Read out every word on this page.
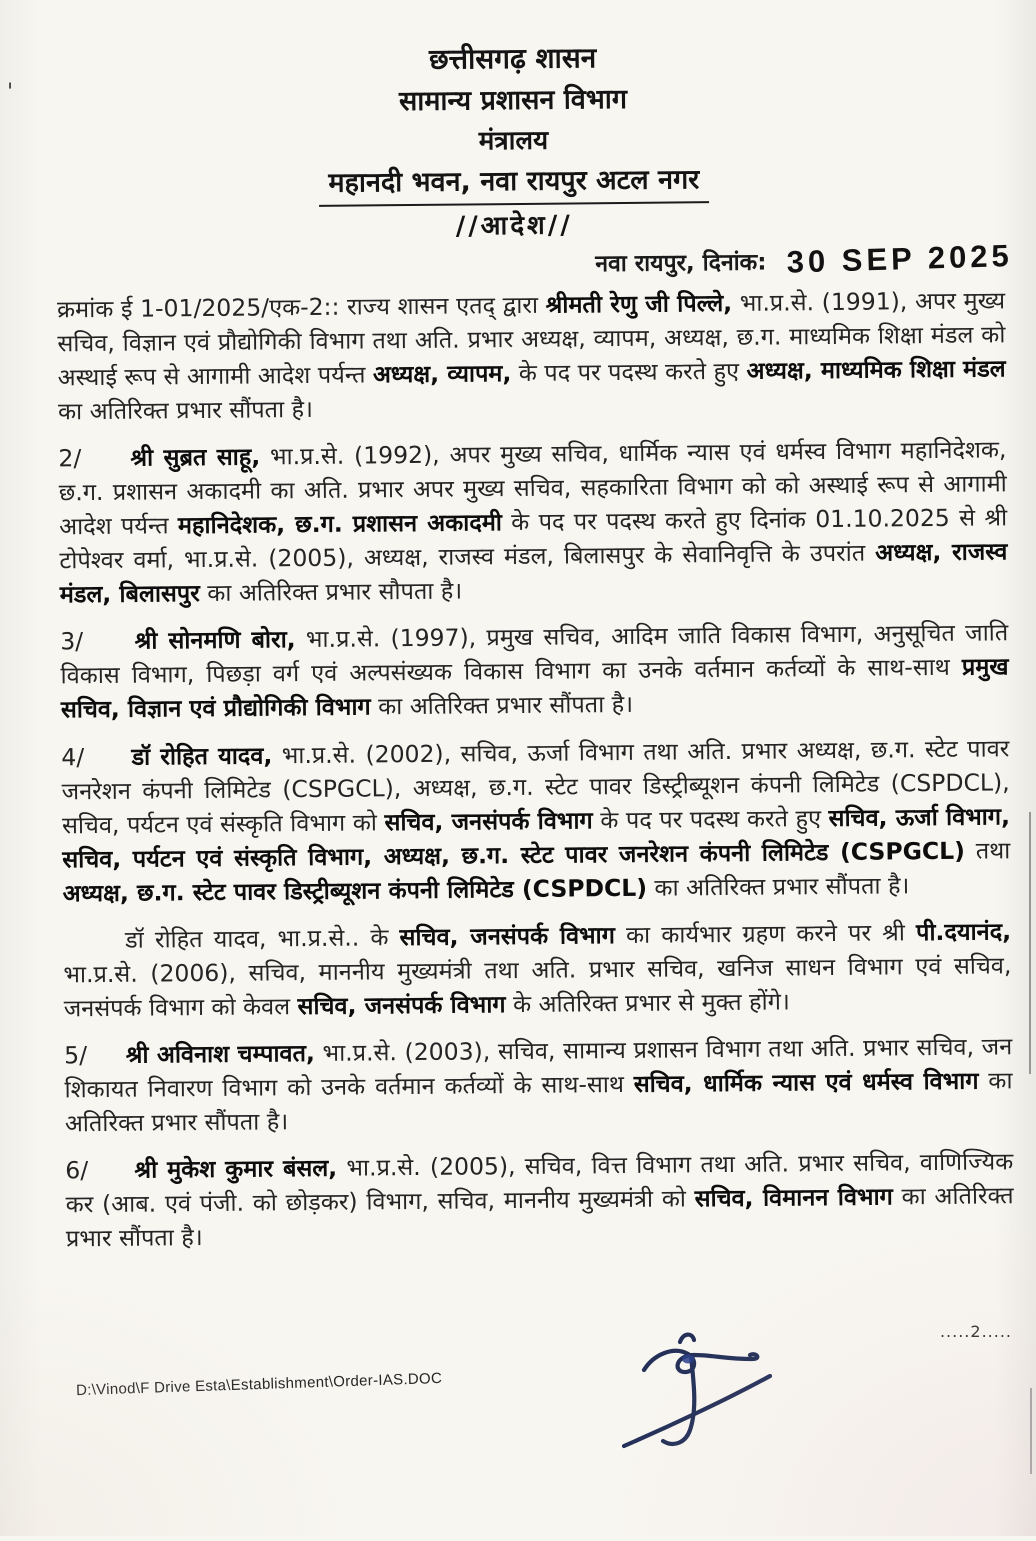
'
छत्तीसगढ़ शासन
सामान्य प्रशासन विभाग
मंत्रालय
महानदी भवन, नवा रायपुर अटल नगर
//आदेश//
नवा रायपुर, दिनांक: 30 SEP 2025

क्रमांक ई 1-01/2025/एक-2:: राज्य शासन एतद् द्वारा श्रीमती रेणु जी पिल्ले, भा.प्र.से. (1991), अपर मुख्य सचिव, विज्ञान एवं प्रौद्योगिकी विभाग तथा अति. प्रभार अध्यक्ष, व्यापम, अध्यक्ष, छ.ग. माध्यमिक शिक्षा मंडल को अस्थाई रूप से आगामी आदेश पर्यन्त अध्यक्ष, व्यापम, के पद पर पदस्थ करते हुए अध्यक्ष, माध्यमिक शिक्षा मंडल का अतिरिक्त प्रभार सौंपता है।

2/     श्री सुब्रत साहू, भा.प्र.से. (1992), अपर मुख्य सचिव, धार्मिक न्यास एवं धर्मस्व विभाग महानिदेशक, छ.ग. प्रशासन अकादमी का अति. प्रभार अपर मुख्य सचिव, सहकारिता विभाग को को अस्थाई रूप से आगामी आदेश पर्यन्त महानिदेशक, छ.ग. प्रशासन अकादमी के पद पर पदस्थ करते हुए दिनांक 01.10.2025 से श्री टोपेश्वर वर्मा, भा.प्र.से. (2005), अध्यक्ष, राजस्व मंडल, बिलासपुर के सेवानिवृत्ति के उपरांत अध्यक्ष, राजस्व मंडल, बिलासपुर का अतिरिक्त प्रभार सौपता है।

3/     श्री सोनमणि बोरा, भा.प्र.से. (1997), प्रमुख सचिव, आदिम जाति विकास विभाग, अनुसूचित जाति विकास विभाग, पिछड़ा वर्ग एवं अल्पसंख्यक विकास विभाग का उनके वर्तमान कर्तव्यों के साथ-साथ प्रमुख सचिव, विज्ञान एवं प्रौद्योगिकी विभाग का अतिरिक्त प्रभार सौंपता है।

4/     डॉ रोहित यादव, भा.प्र.से. (2002), सचिव, ऊर्जा विभाग तथा अति. प्रभार अध्यक्ष, छ.ग. स्टेट पावर जनरेशन कंपनी लिमिटेड (CSPGCL), अध्यक्ष, छ.ग. स्टेट पावर डिस्ट्रीब्यूशन कंपनी लिमिटेड (CSPDCL), सचिव, पर्यटन एवं संस्कृति विभाग को सचिव, जनसंपर्क विभाग के पद पर पदस्थ करते हुए सचिव, ऊर्जा विभाग, सचिव, पर्यटन एवं संस्कृति विभाग, अध्यक्ष, छ.ग. स्टेट पावर जनरेशन कंपनी लिमिटेड (CSPGCL) तथा अध्यक्ष, छ.ग. स्टेट पावर डिस्ट्रीब्यूशन कंपनी लिमिटेड (CSPDCL) का अतिरिक्त प्रभार सौंपता है।

डॉ रोहित यादव, भा.प्र.से.. के सचिव, जनसंपर्क विभाग का कार्यभार ग्रहण करने पर श्री पी.दयानंद, भा.प्र.से. (2006), सचिव, माननीय मुख्यमंत्री तथा अति. प्रभार सचिव, खनिज साधन विभाग एवं सचिव, जनसंपर्क विभाग को केवल सचिव, जनसंपर्क विभाग के अतिरिक्त प्रभार से मुक्त होंगे।

5/     श्री अविनाश चम्पावत, भा.प्र.से. (2003), सचिव, सामान्य प्रशासन विभाग तथा अति. प्रभार सचिव, जन शिकायत निवारण विभाग को उनके वर्तमान कर्तव्यों के साथ-साथ सचिव, धार्मिक न्यास एवं धर्मस्व विभाग का अतिरिक्त प्रभार सौंपता है।

6/     श्री मुकेश कुमार बंसल, भा.प्र.से. (2005), सचिव, वित्त विभाग तथा अति. प्रभार सचिव, वाणिज्यिक कर (आब. एवं पंजी. को छोड़कर) विभाग, सचिव, माननीय मुख्यमंत्री को सचिव, विमानन विभाग का अतिरिक्त प्रभार सौंपता है।

.....2.....
D:\Vinod\F Drive Esta\Establishment\Order-IAS.DOC
